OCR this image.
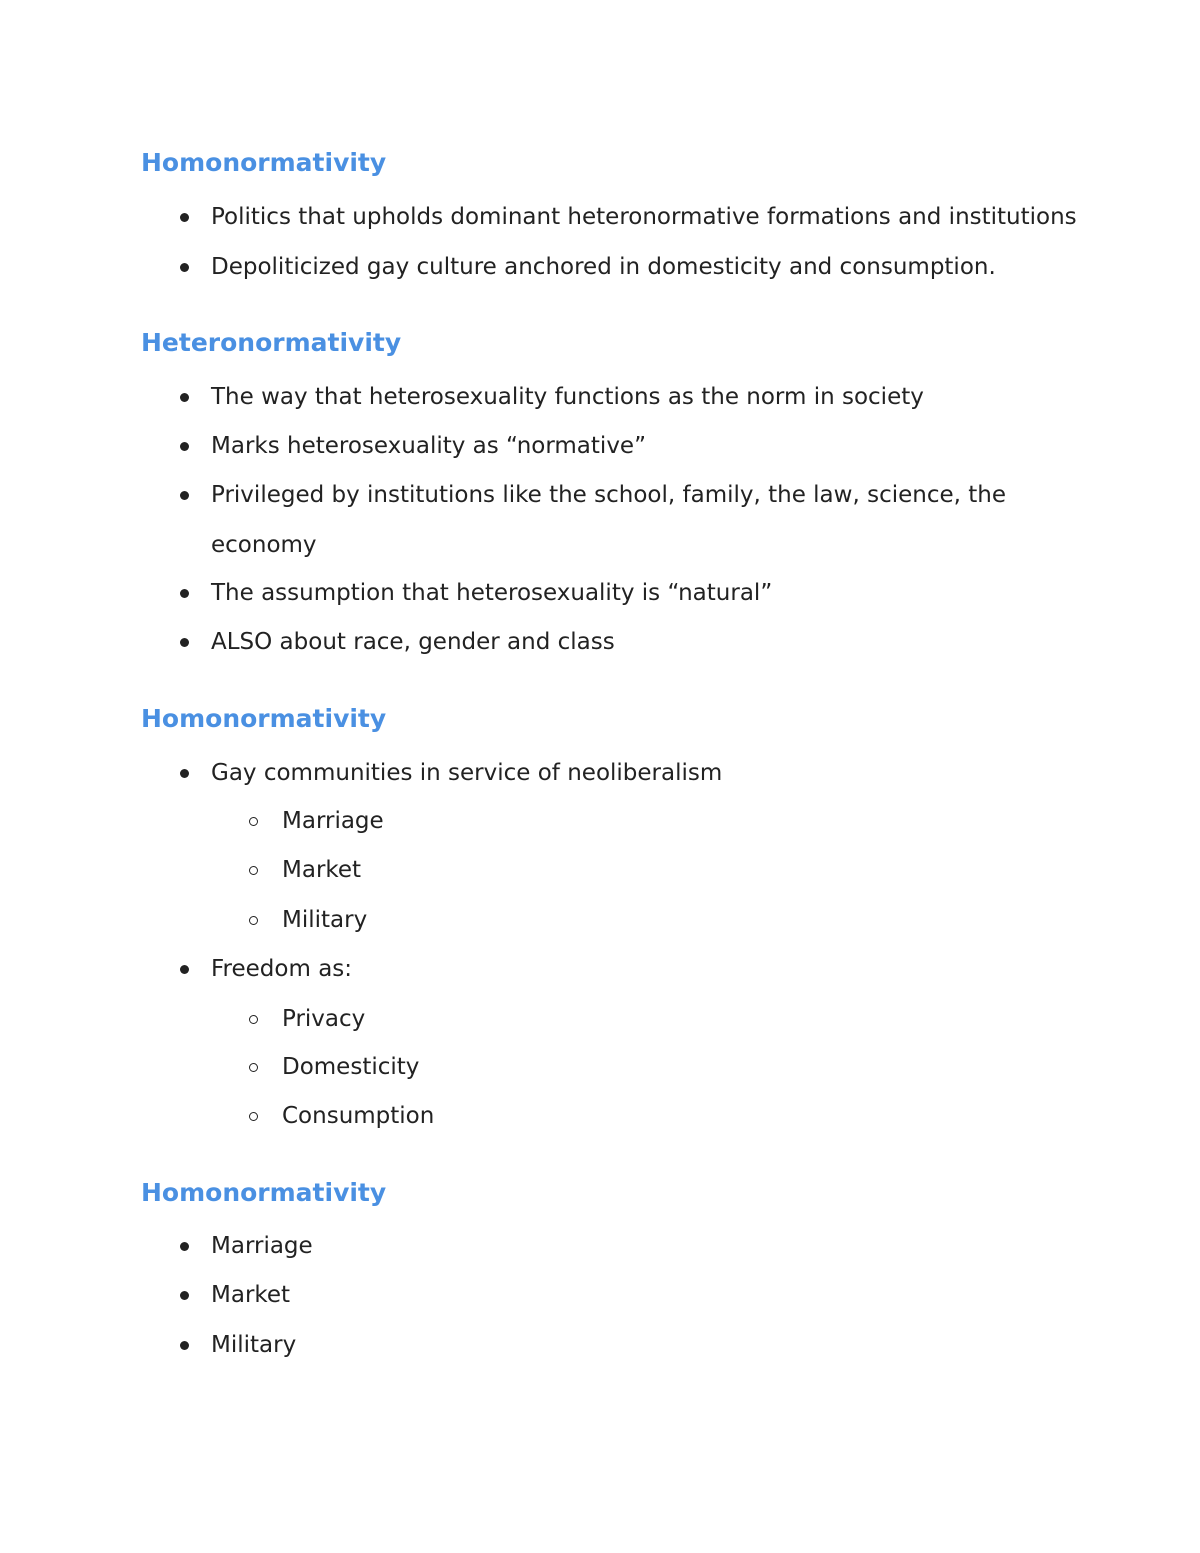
Homonormativity
Politics that upholds dominant heteronormative formations and institutions
Depoliticized gay culture anchored in domesticity and consumption.
Heteronormativity
The way that heterosexuality functions as the norm in society
Marks heterosexuality as “normative”
Privileged by institutions like the school, family, the law, science, the
economy
The assumption that heterosexuality is “natural”
ALSO about race, gender and class
Homonormativity
Gay communities in service of neoliberalism
Marriage
Market
Military
Freedom as:
Privacy
Domesticity
Consumption
Homonormativity
Marriage
Market
Military
